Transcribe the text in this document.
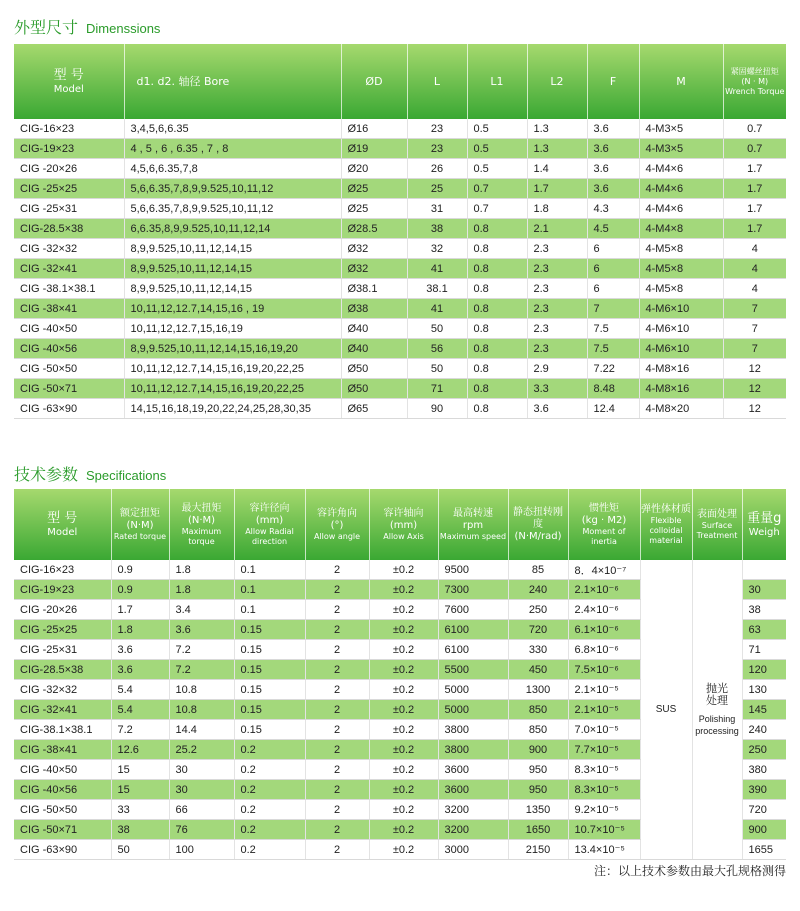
外型尺寸 Dimenssions
型 号
Model	d1. d2. 轴径 Bore	ØD	L	L1	L2	F	M	紧固螺丝扭矩
(N · M)
Wrench Torque

CIG-16×23	3,4,5,6,6.35	Ø16	23	0.5	1.3	3.6	4-M3×5	0.7
CIG-19×23	4 , 5 , 6 , 6.35 , 7 , 8	Ø19	23	0.5	1.3	3.6	4-M3×5	0.7
CIG -20×26	4,5,6,6.35,7,8	Ø20	26	0.5	1.4	3.6	4-M4×6	1.7
CIG -25×25	5,6,6.35,7,8,9,9.525,10,11,12	Ø25	25	0.7	1.7	3.6	4-M4×6	1.7
CIG -25×31	5,6,6.35,7,8,9,9.525,10,11,12	Ø25	31	0.7	1.8	4.3	4-M4×6	1.7
CIG-28.5×38	6,6.35,8,9,9.525,10,11,12,14	Ø28.5	38	0.8	2.1	4.5	4-M4×8	1.7
CIG -32×32	8,9,9.525,10,11,12,14,15	Ø32	32	0.8	2.3	6	4-M5×8	4
CIG -32×41	8,9,9.525,10,11,12,14,15	Ø32	41	0.8	2.3	6	4-M5×8	4
CIG -38.1×38.1	8,9,9.525,10,11,12,14,15	Ø38.1	38.1	0.8	2.3	6	4-M5×8	4
CIG -38×41	10,11,12,12.7,14,15,16 , 19	Ø38	41	0.8	2.3	7	4-M6×10	7
CIG -40×50	10,11,12,12.7,15,16,19	Ø40	50	0.8	2.3	7.5	4-M6×10	7
CIG -40×56	8,9,9.525,10,11,12,14,15,16,19,20	Ø40	56	0.8	2.3	7.5	4-M6×10	7
CIG -50×50	10,11,12,12.7,14,15,16,19,20,22,25	Ø50	50	0.8	2.9	7.22	4-M8×16	12
CIG -50×71	10,11,12,12.7,14,15,16,19,20,22,25	Ø50	71	0.8	3.3	8.48	4-M8×16	12
CIG -63×90	14,15,16,18,19,20,22,24,25,28,30,35	Ø65	90	0.8	3.6	12.4	4-M8×20	12
技术参数 Specifications
型 号
Model	额定扭矩
(N·M)
Rated torque	最大扭矩
(N·M)
Maximum torque	容许径向
(mm)
Allow Radial direction	容许角向
(°)
Allow angle	容许轴向
(mm)
Allow Axis	最高转速
rpm
Maximum speed	静态扭转刚度
(N·M/rad)	惯性矩
(kg · M2)
Moment of inertia	弹性体材质
Flexible colloidal material	表面处理
Surface Treatment	重量g
Weigh

CIG-16×23	0.9	1.8	0.1	2	±0.2	9500	85	8．4×10⁻⁷	SUS	抛光处理
Polishing processing	

CIG-19×23	0.9	1.8	0.1	2	±0.2	7300	240	2.1×10⁻⁶			30
CIG -20×26	1.7	3.4	0.1	2	±0.2	7600	250	2.4×10⁻⁶			38
CIG -25×25	1.8	3.6	0.15	2	±0.2	6100	720	6.1×10⁻⁶			63
CIG -25×31	3.6	7.2	0.15	2	±0.2	6100	330	6.8×10⁻⁶			71
CIG-28.5×38	3.6	7.2	0.15	2	±0.2	5500	450	7.5×10⁻⁶			120
CIG -32×32	5.4	10.8	0.15	2	±0.2	5000	1300	2.1×10⁻⁵			130
CIG -32×41	5.4	10.8	0.15	2	±0.2	5000	850	2.1×10⁻⁵			145
CIG-38.1×38.1	7.2	14.4	0.15	2	±0.2	3800	850	7.0×10⁻⁵			240
CIG -38×41	12.6	25.2	0.2	2	±0.2	3800	900	7.7×10⁻⁵			250
CIG -40×50	15	30	0.2	2	±0.2	3600	950	8.3×10⁻⁵			380
CIG -40×56	15	30	0.2	2	±0.2	3600	950	8.3×10⁻⁵			390
CIG -50×50	33	66	0.2	2	±0.2	3200	1350	9.2×10⁻⁵			720
CIG -50×71	38	76	0.2	2	±0.2	3200	1650	10.7×10⁻⁵			900
CIG -63×90	50	100	0.2	2	±0.2	3000	2150	13.4×10⁻⁵			1655
注：以上技术参数由最大孔规格测得
